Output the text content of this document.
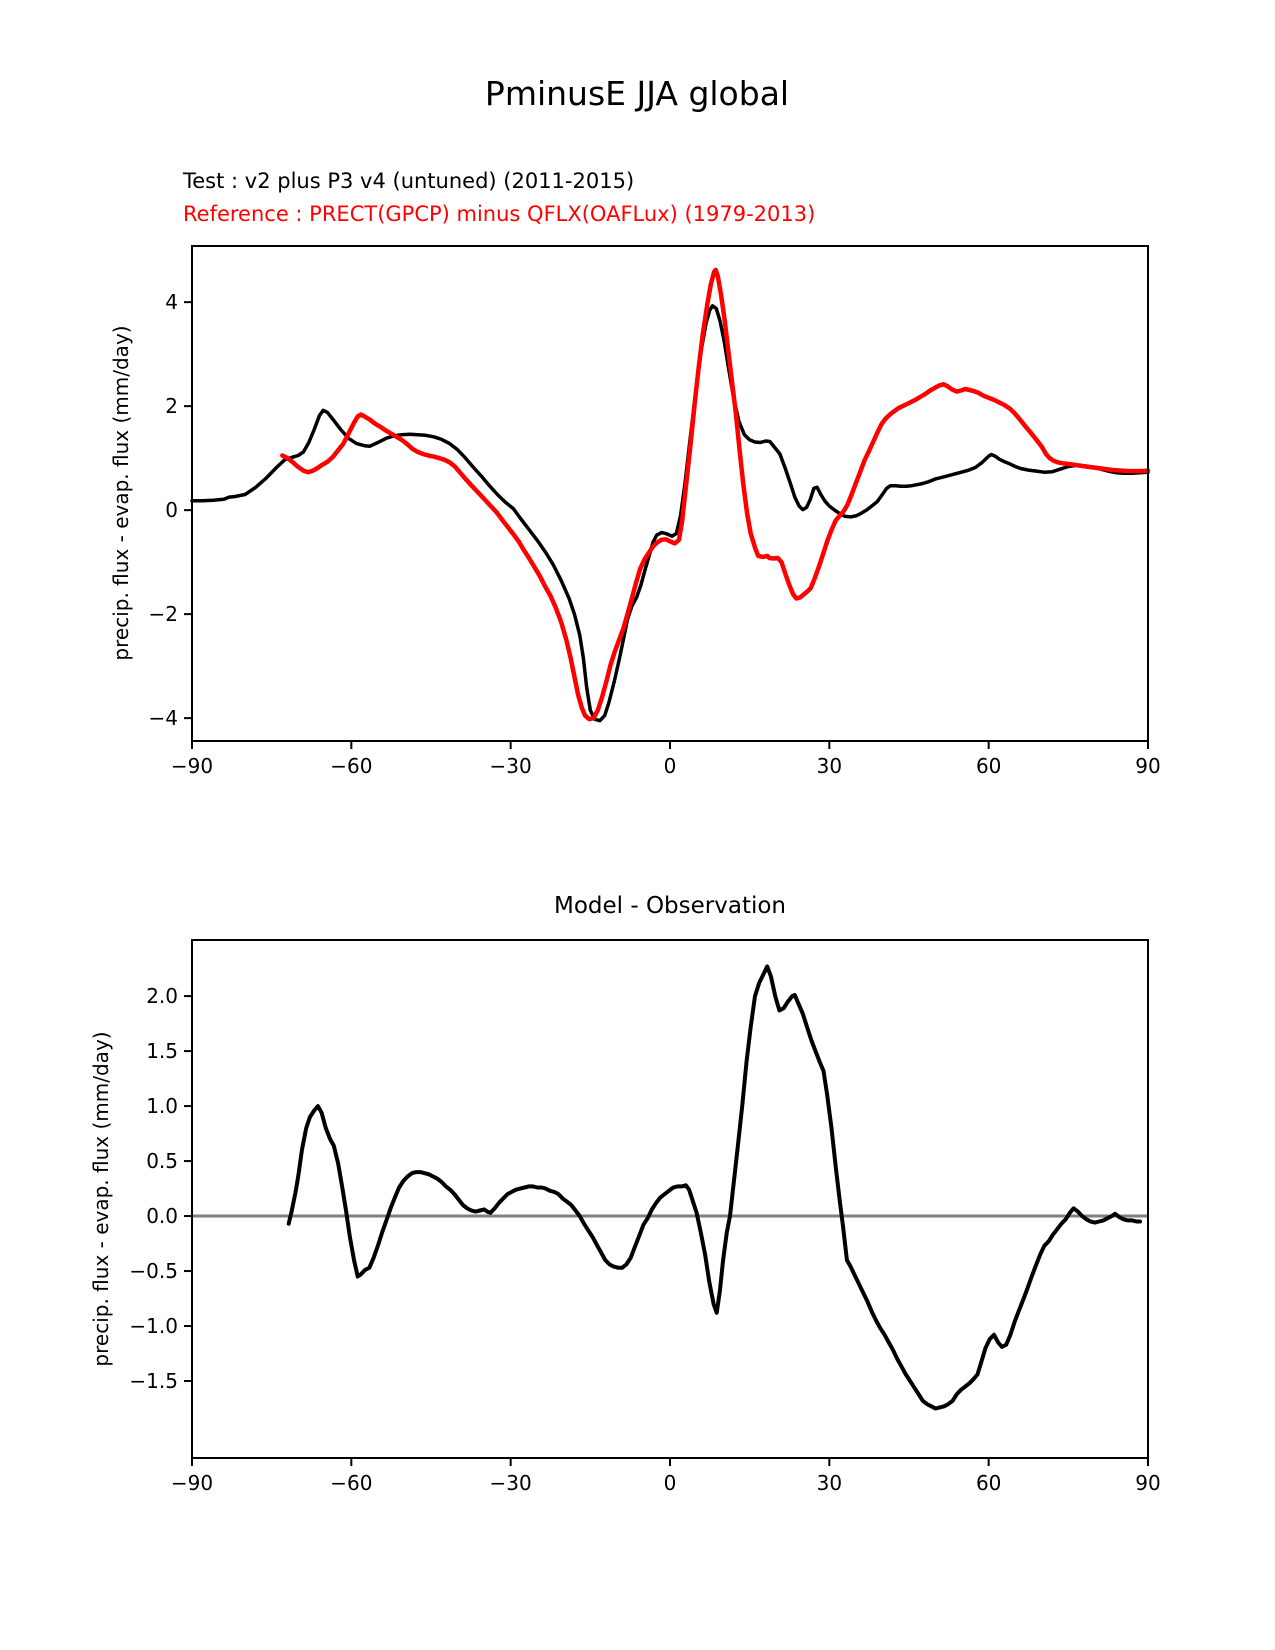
PminusE JJA global
Test : v2 plus P3 v4 (untuned) (2011-2015)
Reference : PRECT(GPCP) minus QFLX(OAFLux) (1979-2013)
precip. flux - evap. flux (mm/day)
Model - Observation
precip. flux - evap. flux (mm/day)
−90	−60	−30	0	30	60	90
−4
−2
0
2
4
−90	−60	−30	0	30	60	90
−1.5
−1.0
−0.5
0.0
0.5
1.0
1.5
2.0
